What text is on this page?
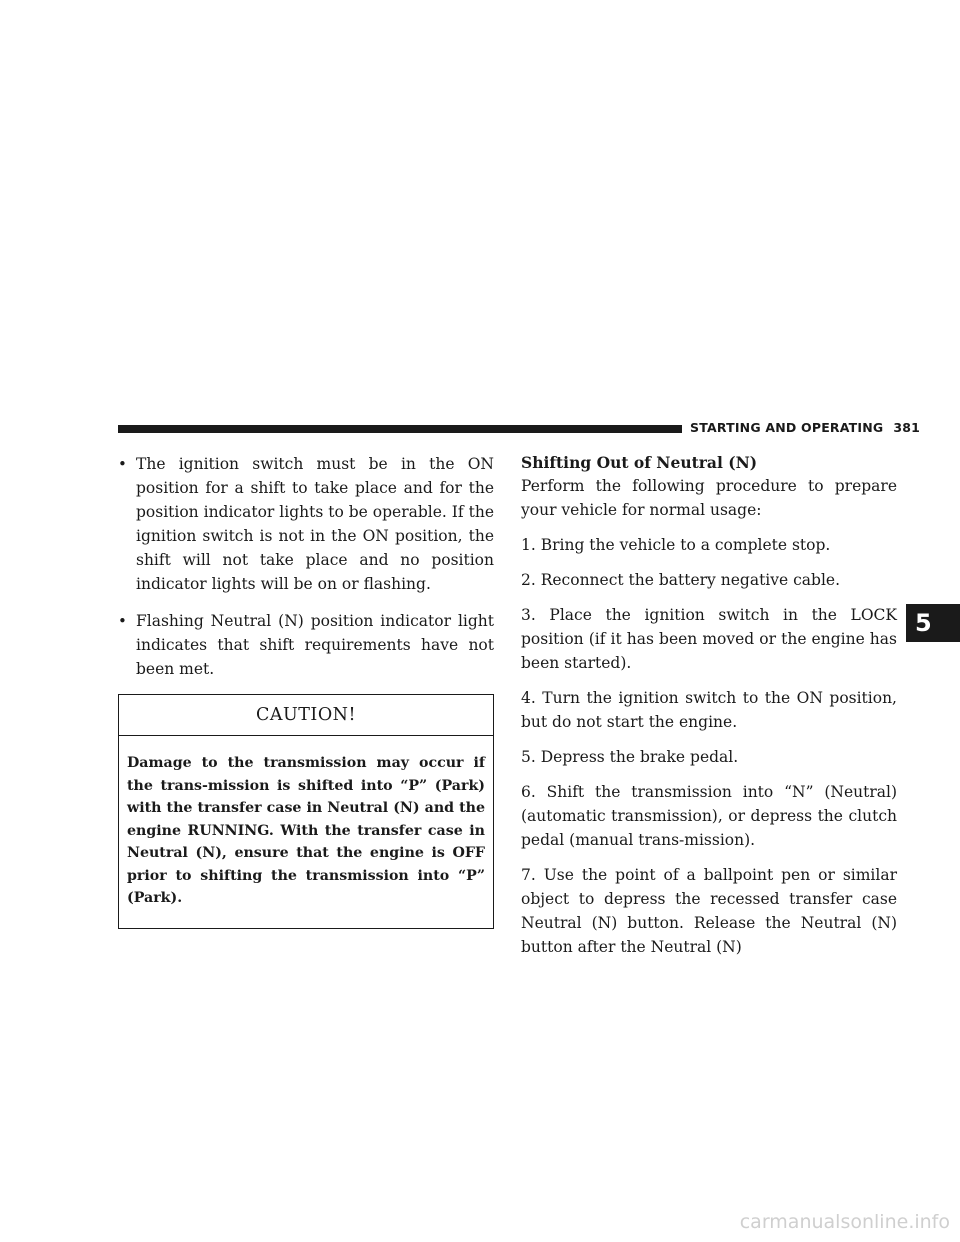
STARTING AND OPERATING 381
• The ignition switch must be in the ON position for a shift to take place and for the position indicator lights to be operable. If the ignition switch is not in the ON position, the shift will not take place and no position indicator lights will be on or flashing.
• Flashing Neutral (N) position indicator light indicates that shift requirements have not been met.
CAUTION!
Damage to the transmission may occur if the trans-mission is shifted into “P” (Park) with the transfer case in Neutral (N) and the engine RUNNING. With the transfer case in Neutral (N), ensure that the engine is OFF prior to shifting the transmission into “P” (Park).
Shifting Out of Neutral (N)
Perform the following procedure to prepare your vehicle for normal usage:
1. Bring the vehicle to a complete stop.
2. Reconnect the battery negative cable.
3. Place the ignition switch in the LOCK position (if it has been moved or the engine has been started).
4. Turn the ignition switch to the ON position, but do not start the engine.
5. Depress the brake pedal.
6. Shift the transmission into “N” (Neutral) (automatic transmission), or depress the clutch pedal (manual trans-mission).
7. Use the point of a ballpoint pen or similar object to depress the recessed transfer case Neutral (N) button. Release the Neutral (N) button after the Neutral (N)
5
carmanualsonline.info
